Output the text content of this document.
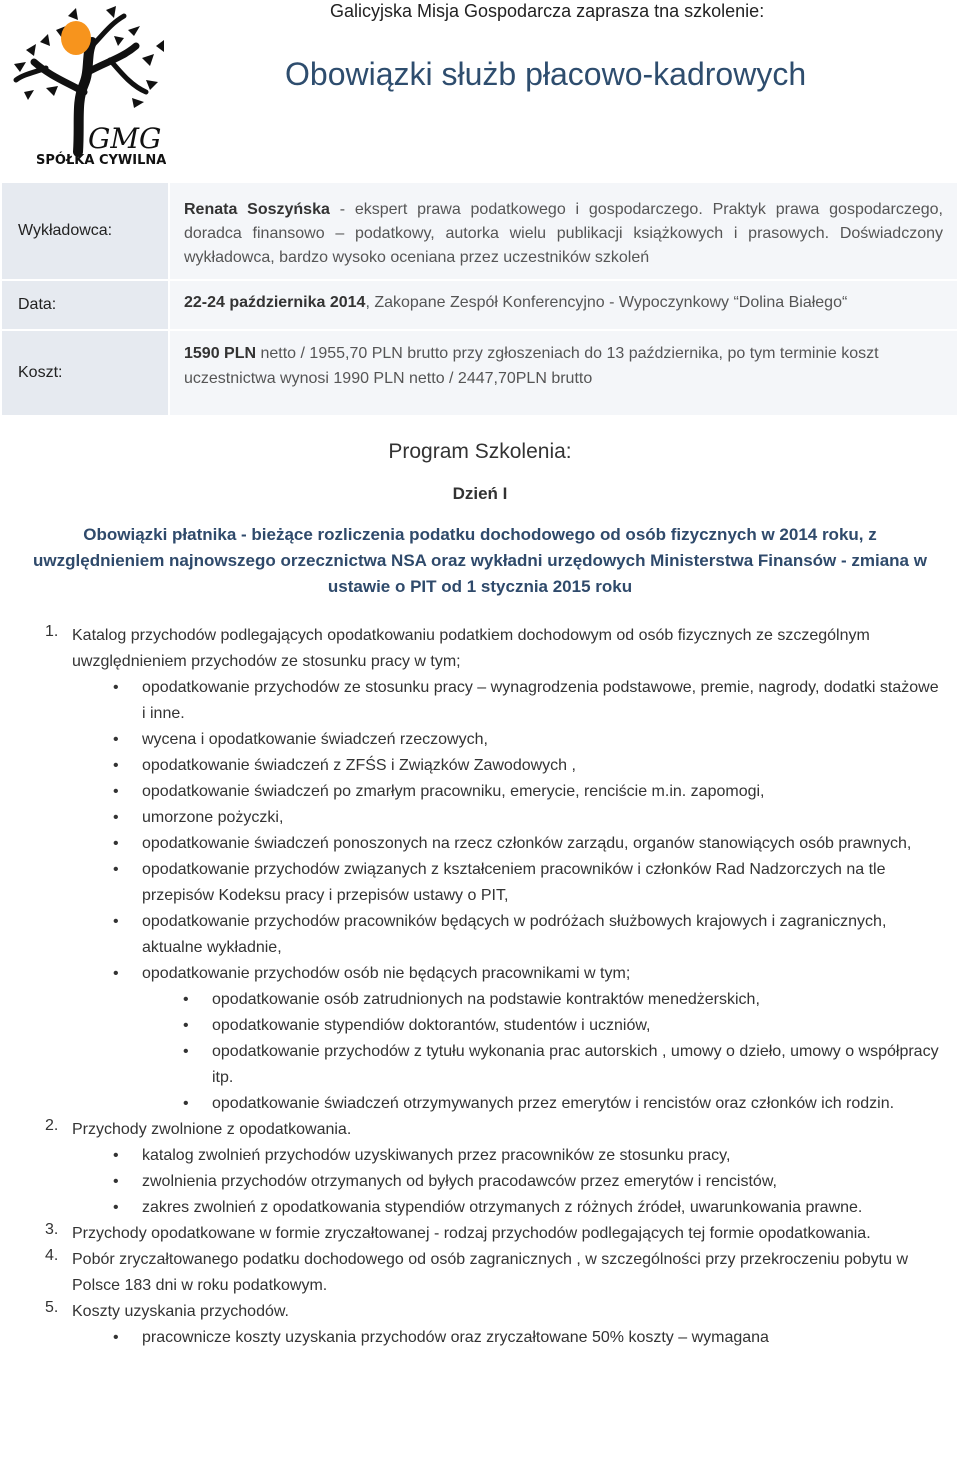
GMG
SPÓŁKA CYWILNA
Galicyjska Misja Gospodarcza zaprasza tna szkolenie:
Obowiązki służb płacowo-kadrowych
Wykładowca:
Renata Soszyńska - ekspert prawa podatkowego i gospodarczego. Praktyk prawa gospodarczego, doradca finansowo – podatkowy, autorka wielu publikacji książkowych i prasowych. Doświadczony wykładowca, bardzo wysoko oceniana przez uczestników szkoleń
Data:	22-24 października 2014, Zakopane Zespół Konferencyjno - Wypoczynkowy “Dolina Białego“
Koszt:
1590 PLN netto / 1955,70 PLN brutto przy zgłoszeniach do 13 października, po tym terminie koszt uczestnictwa wynosi 1990 PLN netto / 2447,70PLN brutto
Program Szkolenia:
Dzień I
Obowiązki płatnika - bieżące rozliczenia podatku dochodowego od osób fizycznych w 2014 roku, z uwzględnieniem najnowszego orzecznictwa NSA oraz wykładni urzędowych Ministerstwa Finansów - zmiana w ustawie o PIT od 1 stycznia 2015 roku
1. Katalog przychodów podlegających opodatkowaniu podatkiem dochodowym od osób fizycznych ze szczególnym uwzględnieniem przychodów ze stosunku pracy w tym;
• opodatkowanie przychodów ze stosunku pracy – wynagrodzenia podstawowe, premie, nagrody, dodatki stażowe i inne.
• wycena i opodatkowanie świadczeń rzeczowych,
• opodatkowanie świadczeń z ZFŚS i Związków Zawodowych ,
• opodatkowanie świadczeń po zmarłym pracowniku, emerycie, renciście m.in. zapomogi,
• umorzone pożyczki,
• opodatkowanie świadczeń ponoszonych na rzecz członków zarządu, organów stanowiących osób prawnych,
• opodatkowanie przychodów związanych z kształceniem pracowników i członków Rad Nadzorczych na tle przepisów Kodeksu pracy i przepisów ustawy o PIT,
• opodatkowanie przychodów pracowników będących w podróżach służbowych krajowych i zagranicznych, aktualne wykładnie,
• opodatkowanie przychodów osób nie będących pracownikami w tym;
• opodatkowanie osób zatrudnionych na podstawie kontraktów menedżerskich,
• opodatkowanie stypendiów doktorantów, studentów i uczniów,
• opodatkowanie przychodów z tytułu wykonania prac autorskich , umowy o dzieło, umowy o współpracy itp.
• opodatkowanie świadczeń otrzymywanych przez emerytów i rencistów oraz członków ich rodzin.
2. Przychody zwolnione z opodatkowania.
• katalog zwolnień przychodów uzyskiwanych przez pracowników ze stosunku pracy,
• zwolnienia przychodów otrzymanych od byłych pracodawców przez emerytów i rencistów,
• zakres zwolnień z opodatkowania stypendiów otrzymanych z różnych źródeł, uwarunkowania prawne.
3. Przychody opodatkowane w formie zryczałtowanej - rodzaj przychodów podlegających tej formie opodatkowania.
4. Pobór zryczałtowanego podatku dochodowego od osób zagranicznych , w szczególności przy przekroczeniu pobytu w Polsce 183 dni w roku podatkowym.
5. Koszty uzyskania przychodów.
• pracownicze koszty uzyskania przychodów oraz zryczałtowane 50% koszty – wymagana
